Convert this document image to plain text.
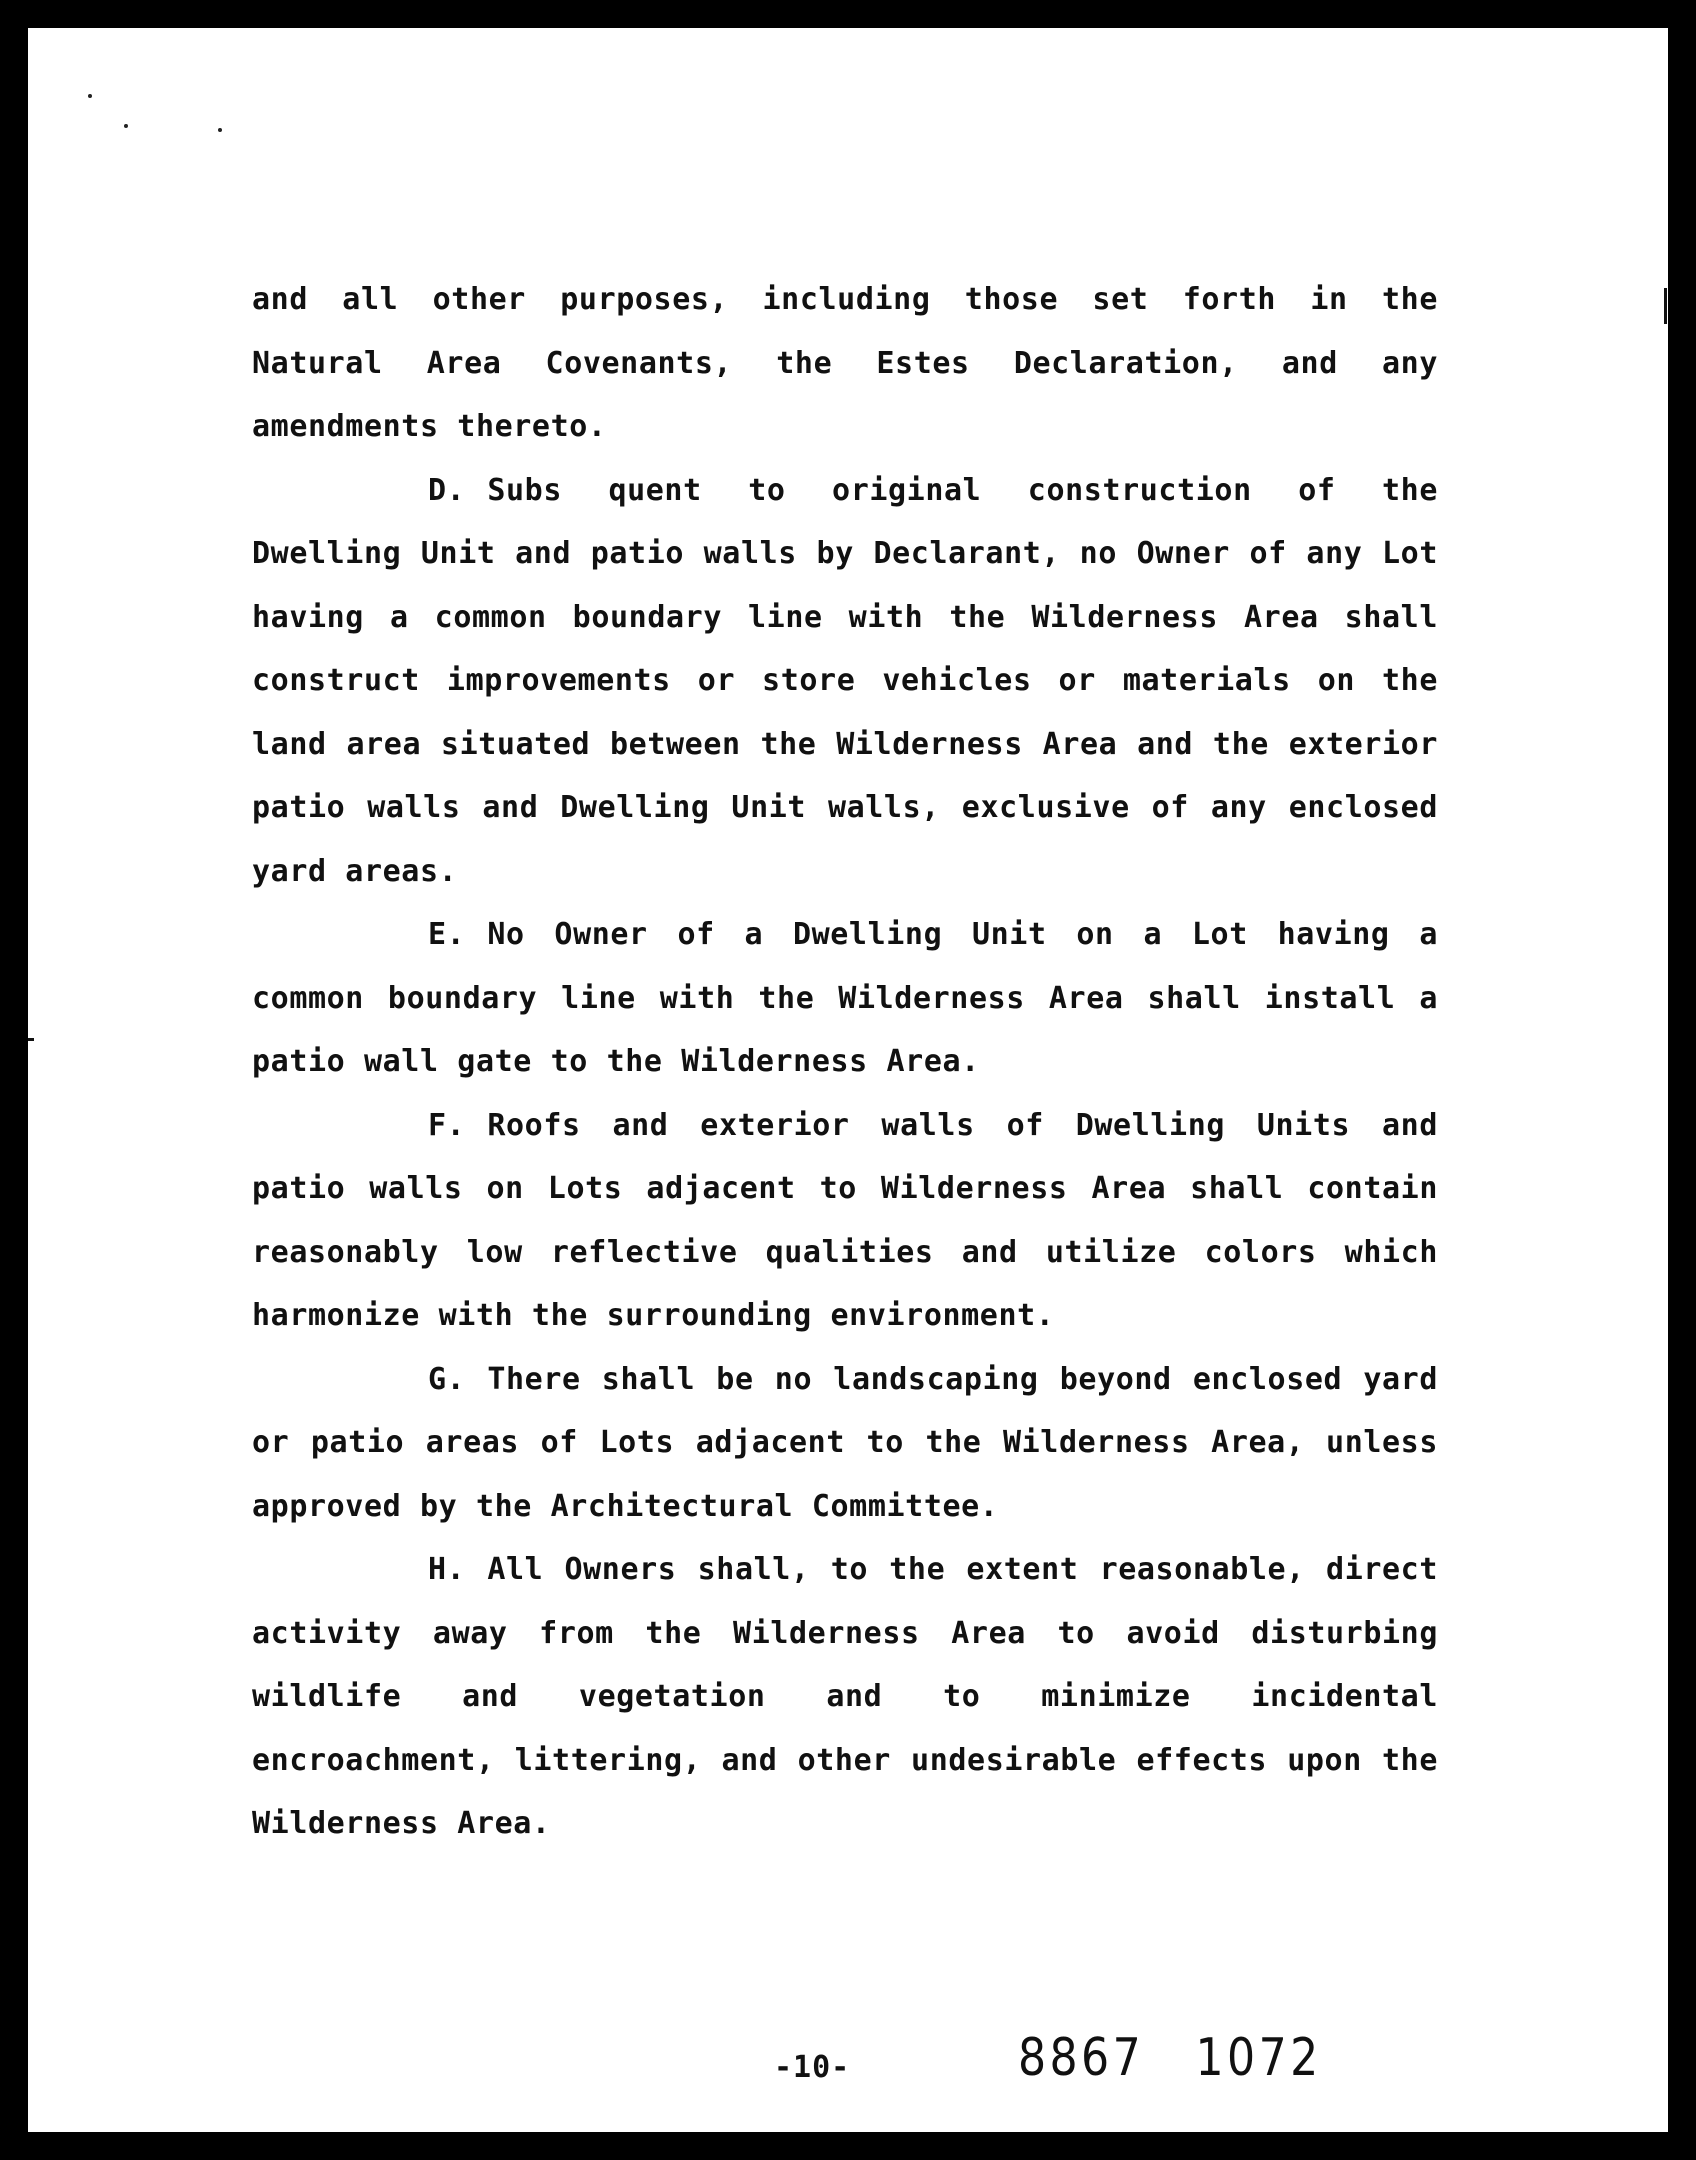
and all other purposes, including those set forth in the Natural Area Covenants, the Estes Declaration, and any amendments thereto.

D. Subs quent to original construction of the Dwelling Unit and patio walls by Declarant, no Owner of any Lot having a common boundary line with the Wilderness Area shall construct improvements or store vehicles or materials on the land area situated between the Wilderness Area and the exterior patio walls and Dwelling Unit walls, exclusive of any enclosed yard areas.

E. No Owner of a Dwelling Unit on a Lot having a common boundary line with the Wilderness Area shall install a patio wall gate to the Wilderness Area.

F. Roofs and exterior walls of Dwelling Units and patio walls on Lots adjacent to Wilderness Area shall contain reasonably low reflective qualities and utilize colors which harmonize with the surrounding environment.

G. There shall be no landscaping beyond enclosed yard or patio areas of Lots adjacent to the Wilderness Area, unless approved by the Architectural Committee.

H. All Owners shall, to the extent reasonable, direct activity away from the Wilderness Area to avoid disturbing wildlife and vegetation and to minimize incidental encroachment, littering, and other undesirable effects upon the Wilderness Area.

-10-	8867 1072
